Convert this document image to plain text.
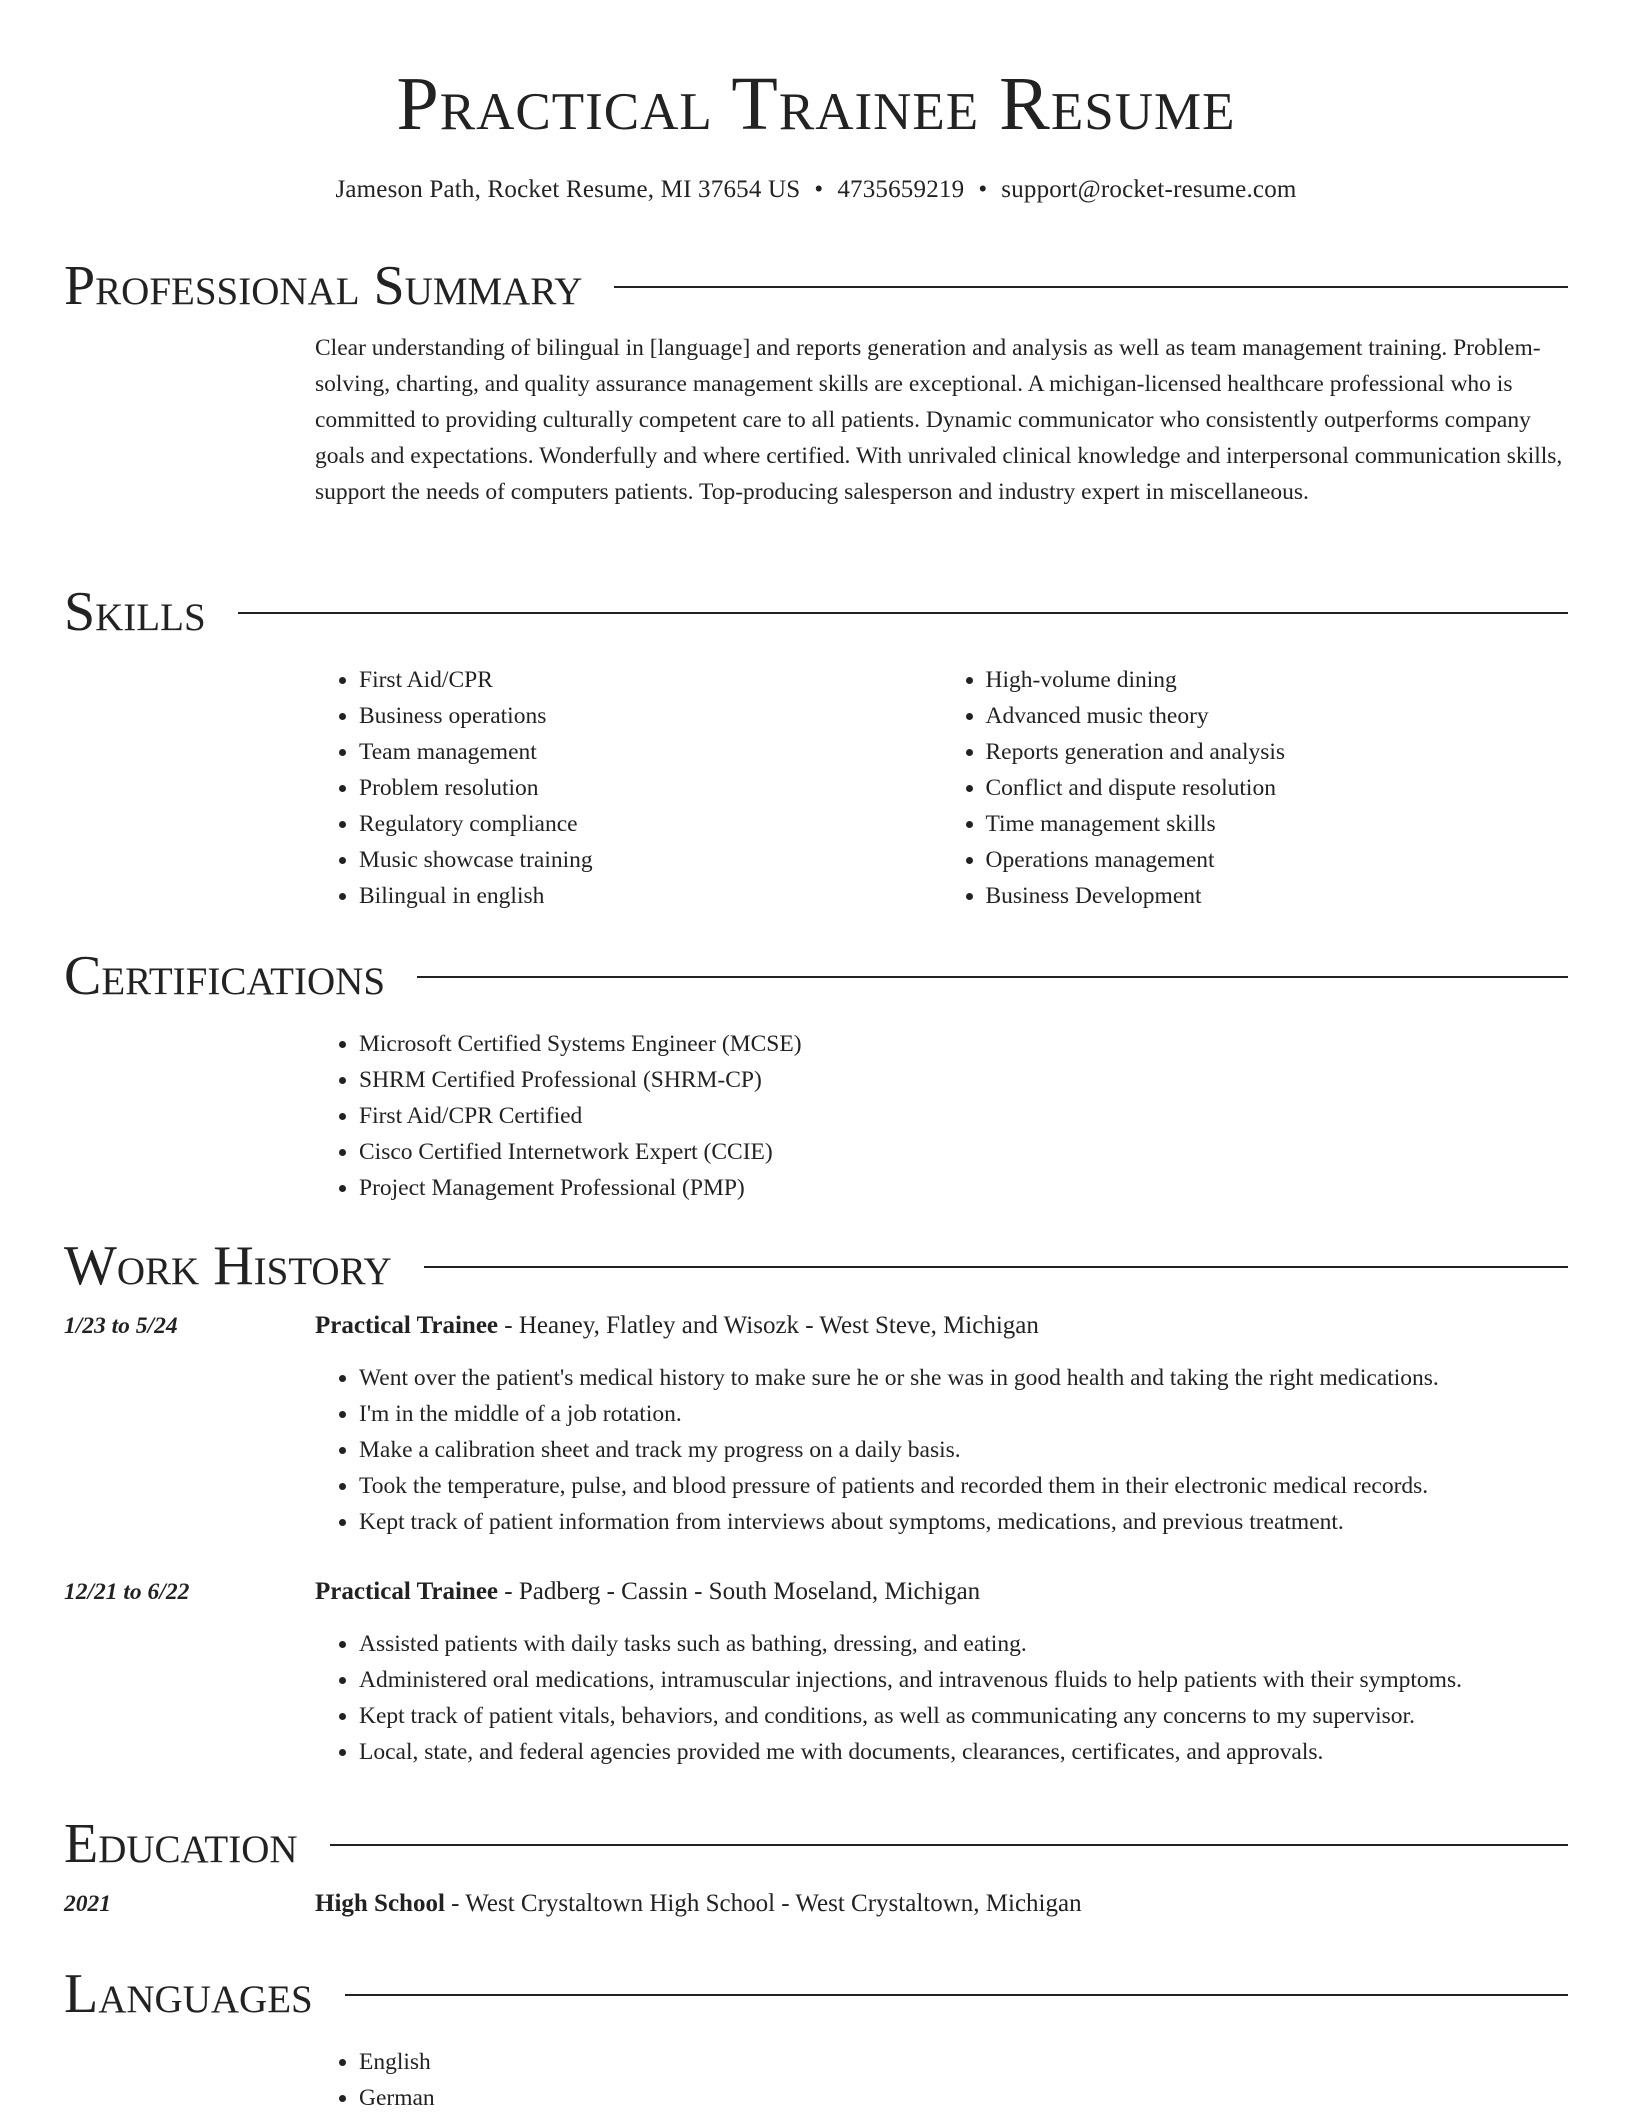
Practical Trainee Resume
Jameson Path, Rocket Resume, MI 37654 US • 4735659219 • support@rocket-resume.com
Professional Summary
Clear understanding of bilingual in [language] and reports generation and analysis as well as team management training. Problem-solving, charting, and quality assurance management skills are exceptional. A michigan-licensed healthcare professional who is committed to providing culturally competent care to all patients. Dynamic communicator who consistently outperforms company goals and expectations. Wonderfully and where certified. With unrivaled clinical knowledge and interpersonal communication skills, support the needs of computers patients. Top-producing salesperson and industry expert in miscellaneous.
Skills
• First Aid/CPR
• Business operations
• Team management
• Problem resolution
• Regulatory compliance
• Music showcase training
• Bilingual in english
• High-volume dining
• Advanced music theory
• Reports generation and analysis
• Conflict and dispute resolution
• Time management skills
• Operations management
• Business Development
Certifications
• Microsoft Certified Systems Engineer (MCSE)
• SHRM Certified Professional (SHRM-CP)
• First Aid/CPR Certified
• Cisco Certified Internetwork Expert (CCIE)
• Project Management Professional (PMP)
Work History
1/23 to 5/24	Practical Trainee - Heaney, Flatley and Wisozk - West Steve, Michigan
• Went over the patient's medical history to make sure he or she was in good health and taking the right medications.
• I'm in the middle of a job rotation.
• Make a calibration sheet and track my progress on a daily basis.
• Took the temperature, pulse, and blood pressure of patients and recorded them in their electronic medical records.
• Kept track of patient information from interviews about symptoms, medications, and previous treatment.
12/21 to 6/22	Practical Trainee - Padberg - Cassin - South Moseland, Michigan
• Assisted patients with daily tasks such as bathing, dressing, and eating.
• Administered oral medications, intramuscular injections, and intravenous fluids to help patients with their symptoms.
• Kept track of patient vitals, behaviors, and conditions, as well as communicating any concerns to my supervisor.
• Local, state, and federal agencies provided me with documents, clearances, certificates, and approvals.
Education
2021	High School - West Crystaltown High School - West Crystaltown, Michigan
Languages
• English
• German
